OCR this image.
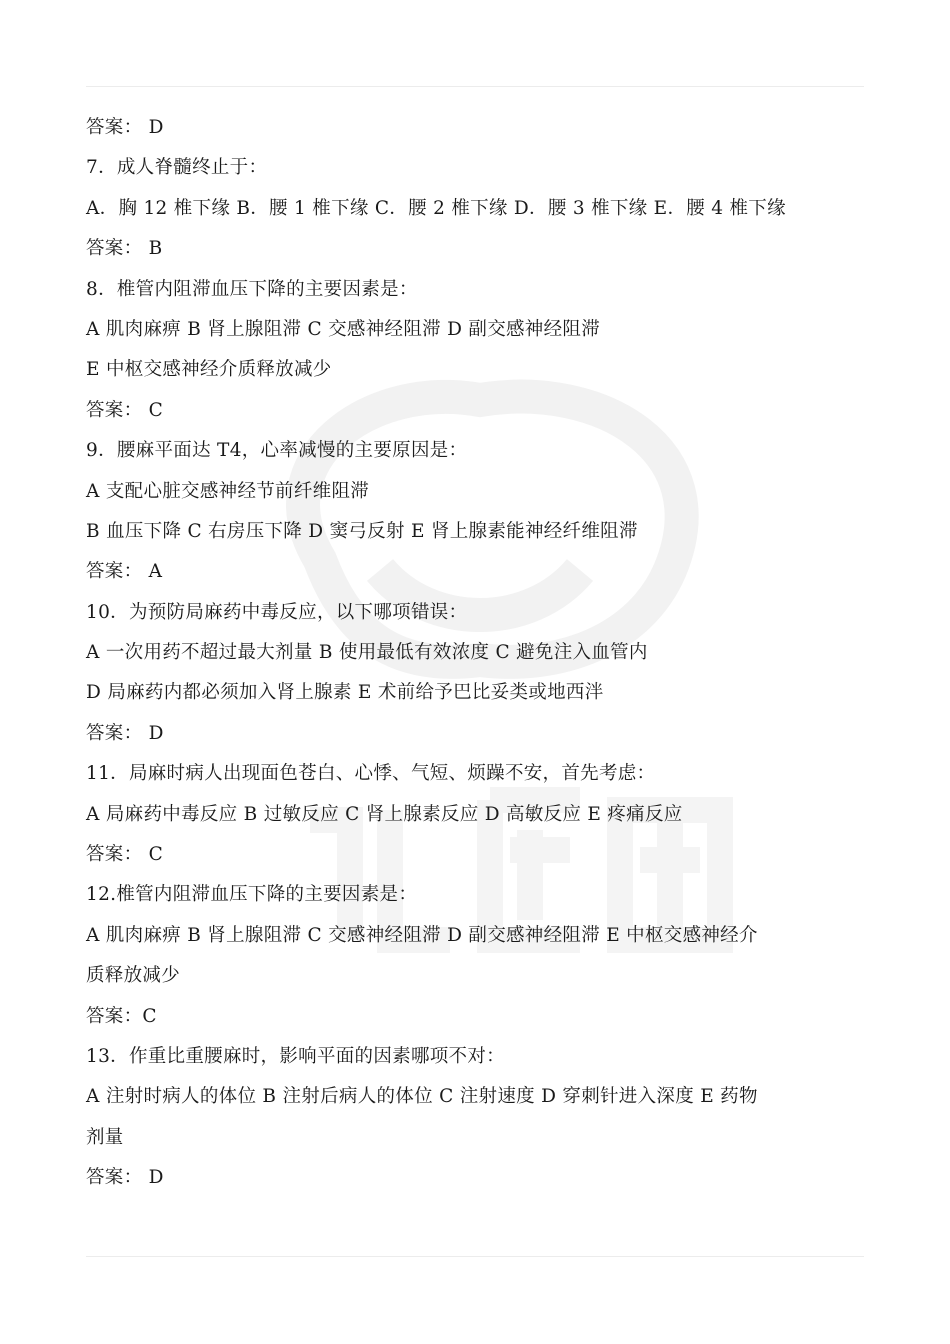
答案： D
7．成人脊髓终止于：
A．胸 12 椎下缘 B．腰 1 椎下缘 C．腰 2 椎下缘 D．腰 3 椎下缘 E．腰 4 椎下缘
答案： B
8．椎管内阻滞血压下降的主要因素是：
A 肌肉麻痹 B 肾上腺阻滞 C 交感神经阻滞 D 副交感神经阻滞
E 中枢交感神经介质释放减少
答案： C
9．腰麻平面达 T4，心率减慢的主要原因是：
A 支配心脏交感神经节前纤维阻滞
B 血压下降 C 右房压下降 D 窦弓反射 E 肾上腺素能神经纤维阻滞
答案： A
10．为预防局麻药中毒反应，以下哪项错误：
A 一次用药不超过最大剂量 B 使用最低有效浓度 C 避免注入血管内
D 局麻药内都必须加入肾上腺素 E 术前给予巴比妥类或地西泮
答案： D
11．局麻时病人出现面色苍白、心悸、气短、烦躁不安，首先考虑：
A 局麻药中毒反应 B 过敏反应 C 肾上腺素反应 D 高敏反应 E 疼痛反应
答案： C
12.椎管内阻滞血压下降的主要因素是：
A 肌肉麻痹 B 肾上腺阻滞 C 交感神经阻滞 D 副交感神经阻滞 E 中枢交感神经介
质释放减少
答案：C
13．作重比重腰麻时，影响平面的因素哪项不对：
A 注射时病人的体位 B 注射后病人的体位 C 注射速度 D 穿刺针进入深度 E 药物
剂量
答案： D
